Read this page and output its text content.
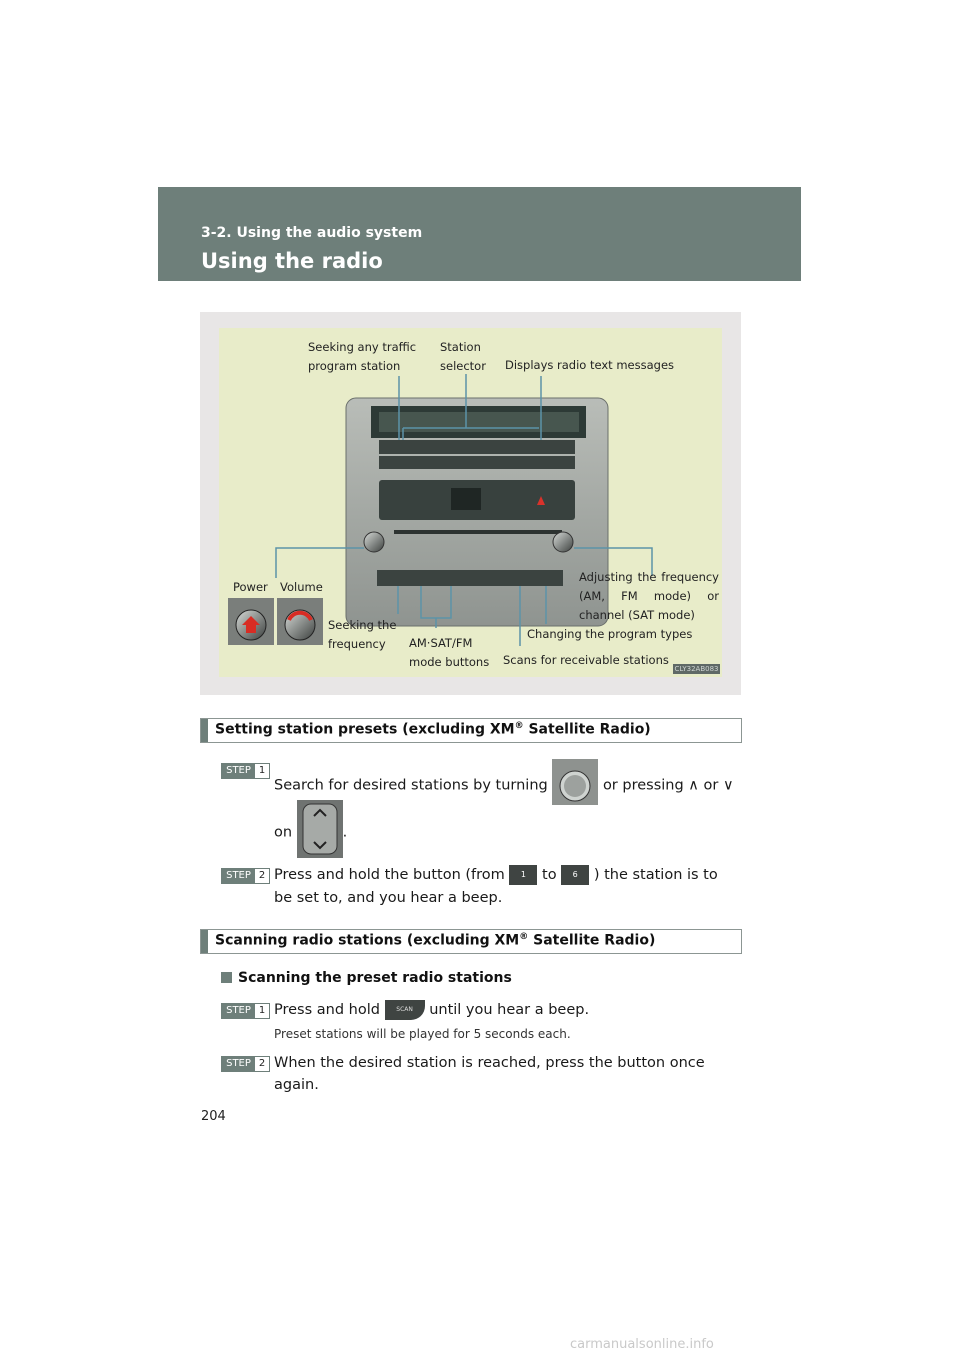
3-2. Using the audio system
Using the radio
Seeking any traffic program station
Station selector	Displays radio text messages
Power Volume
Seeking the frequency	AM·SAT/FM mode buttons Scans for receivable stations
Changing the program types
Adjusting the frequency (AM, FM mode) or channel (SAT mode)
CLY32AB083
Setting station presets (excluding XM® Satellite Radio)
STEP 1
Search for desired stations by turning	or pressing ∧ or ∨
on	.
STEP 2 Press and hold the button (from 1 to 6 ) the station is to
be set to, and you hear a beep.
Scanning radio stations (excluding XM® Satellite Radio)
Scanning the preset radio stations
STEP 1 Press and hold	SCAN until you hear a beep.
Preset stations will be played for 5 seconds each.
STEP 2 When the desired station is reached, press the button once again.
204
carmanualsonline.info
